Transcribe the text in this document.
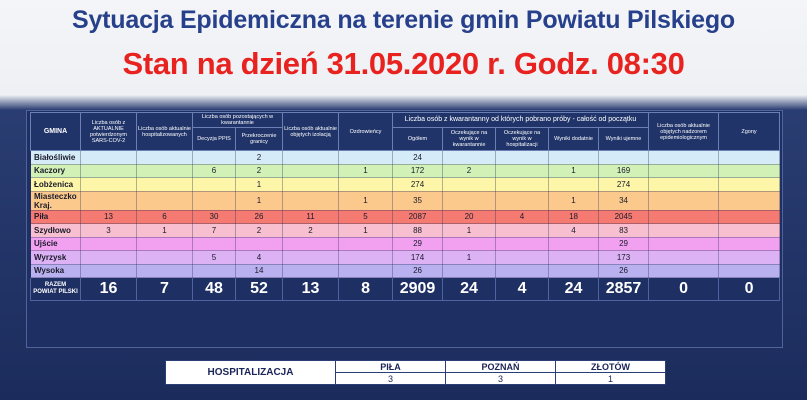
Sytuacja Epidemiczna na terenie gmin Powiatu Pilskiego
Stan na dzień 31.05.2020 r. Godz. 08:30
GMINA	Liczba osób z AKTUALNIE potwierdzonym SARS-COV-2	Liczba osób aktualnie hospitalizowanych	Liczba osób pozostających w kwarantannie		Liczba osób aktualnie objętych izolacją	Ozdrowieńcy	Liczba osób z kwarantanny od których pobrano próby - całość od początku					Liczba osób aktualnie objętych nadzorem epidemiologicznym	Zgony
			Decyzja PPIS	Przekroczenie granicy			Ogółem	Oczekujące na wynik w kwarantannie	Oczekujące na wynik w hospitalizacji	Wyniki dodatnie	Wyniki ujemne		
Białośliwie				2			24						
Kaczory			6	2		1	172	2		1	169		
Łobżenica				1			274				274		
Miasteczko Kraj.				1		1	35			1	34		
Piła	13	6	30	26	11	5	2087	20	4	18	2045		
Szydłowo	3	1	7	2	2	1	88	1		4	83		
Ujście							29				29		
Wyrzysk			5	4			174	1			173		
Wysoka				14			26				26		
RAZEM
POWIAT PILSKI	16	7	48	52	13	8	2909	24	4	24	2857	0	0
HOSPITALIZACJA	PIŁA	POZNAŃ	ZŁOTÓW
	3	3	1
